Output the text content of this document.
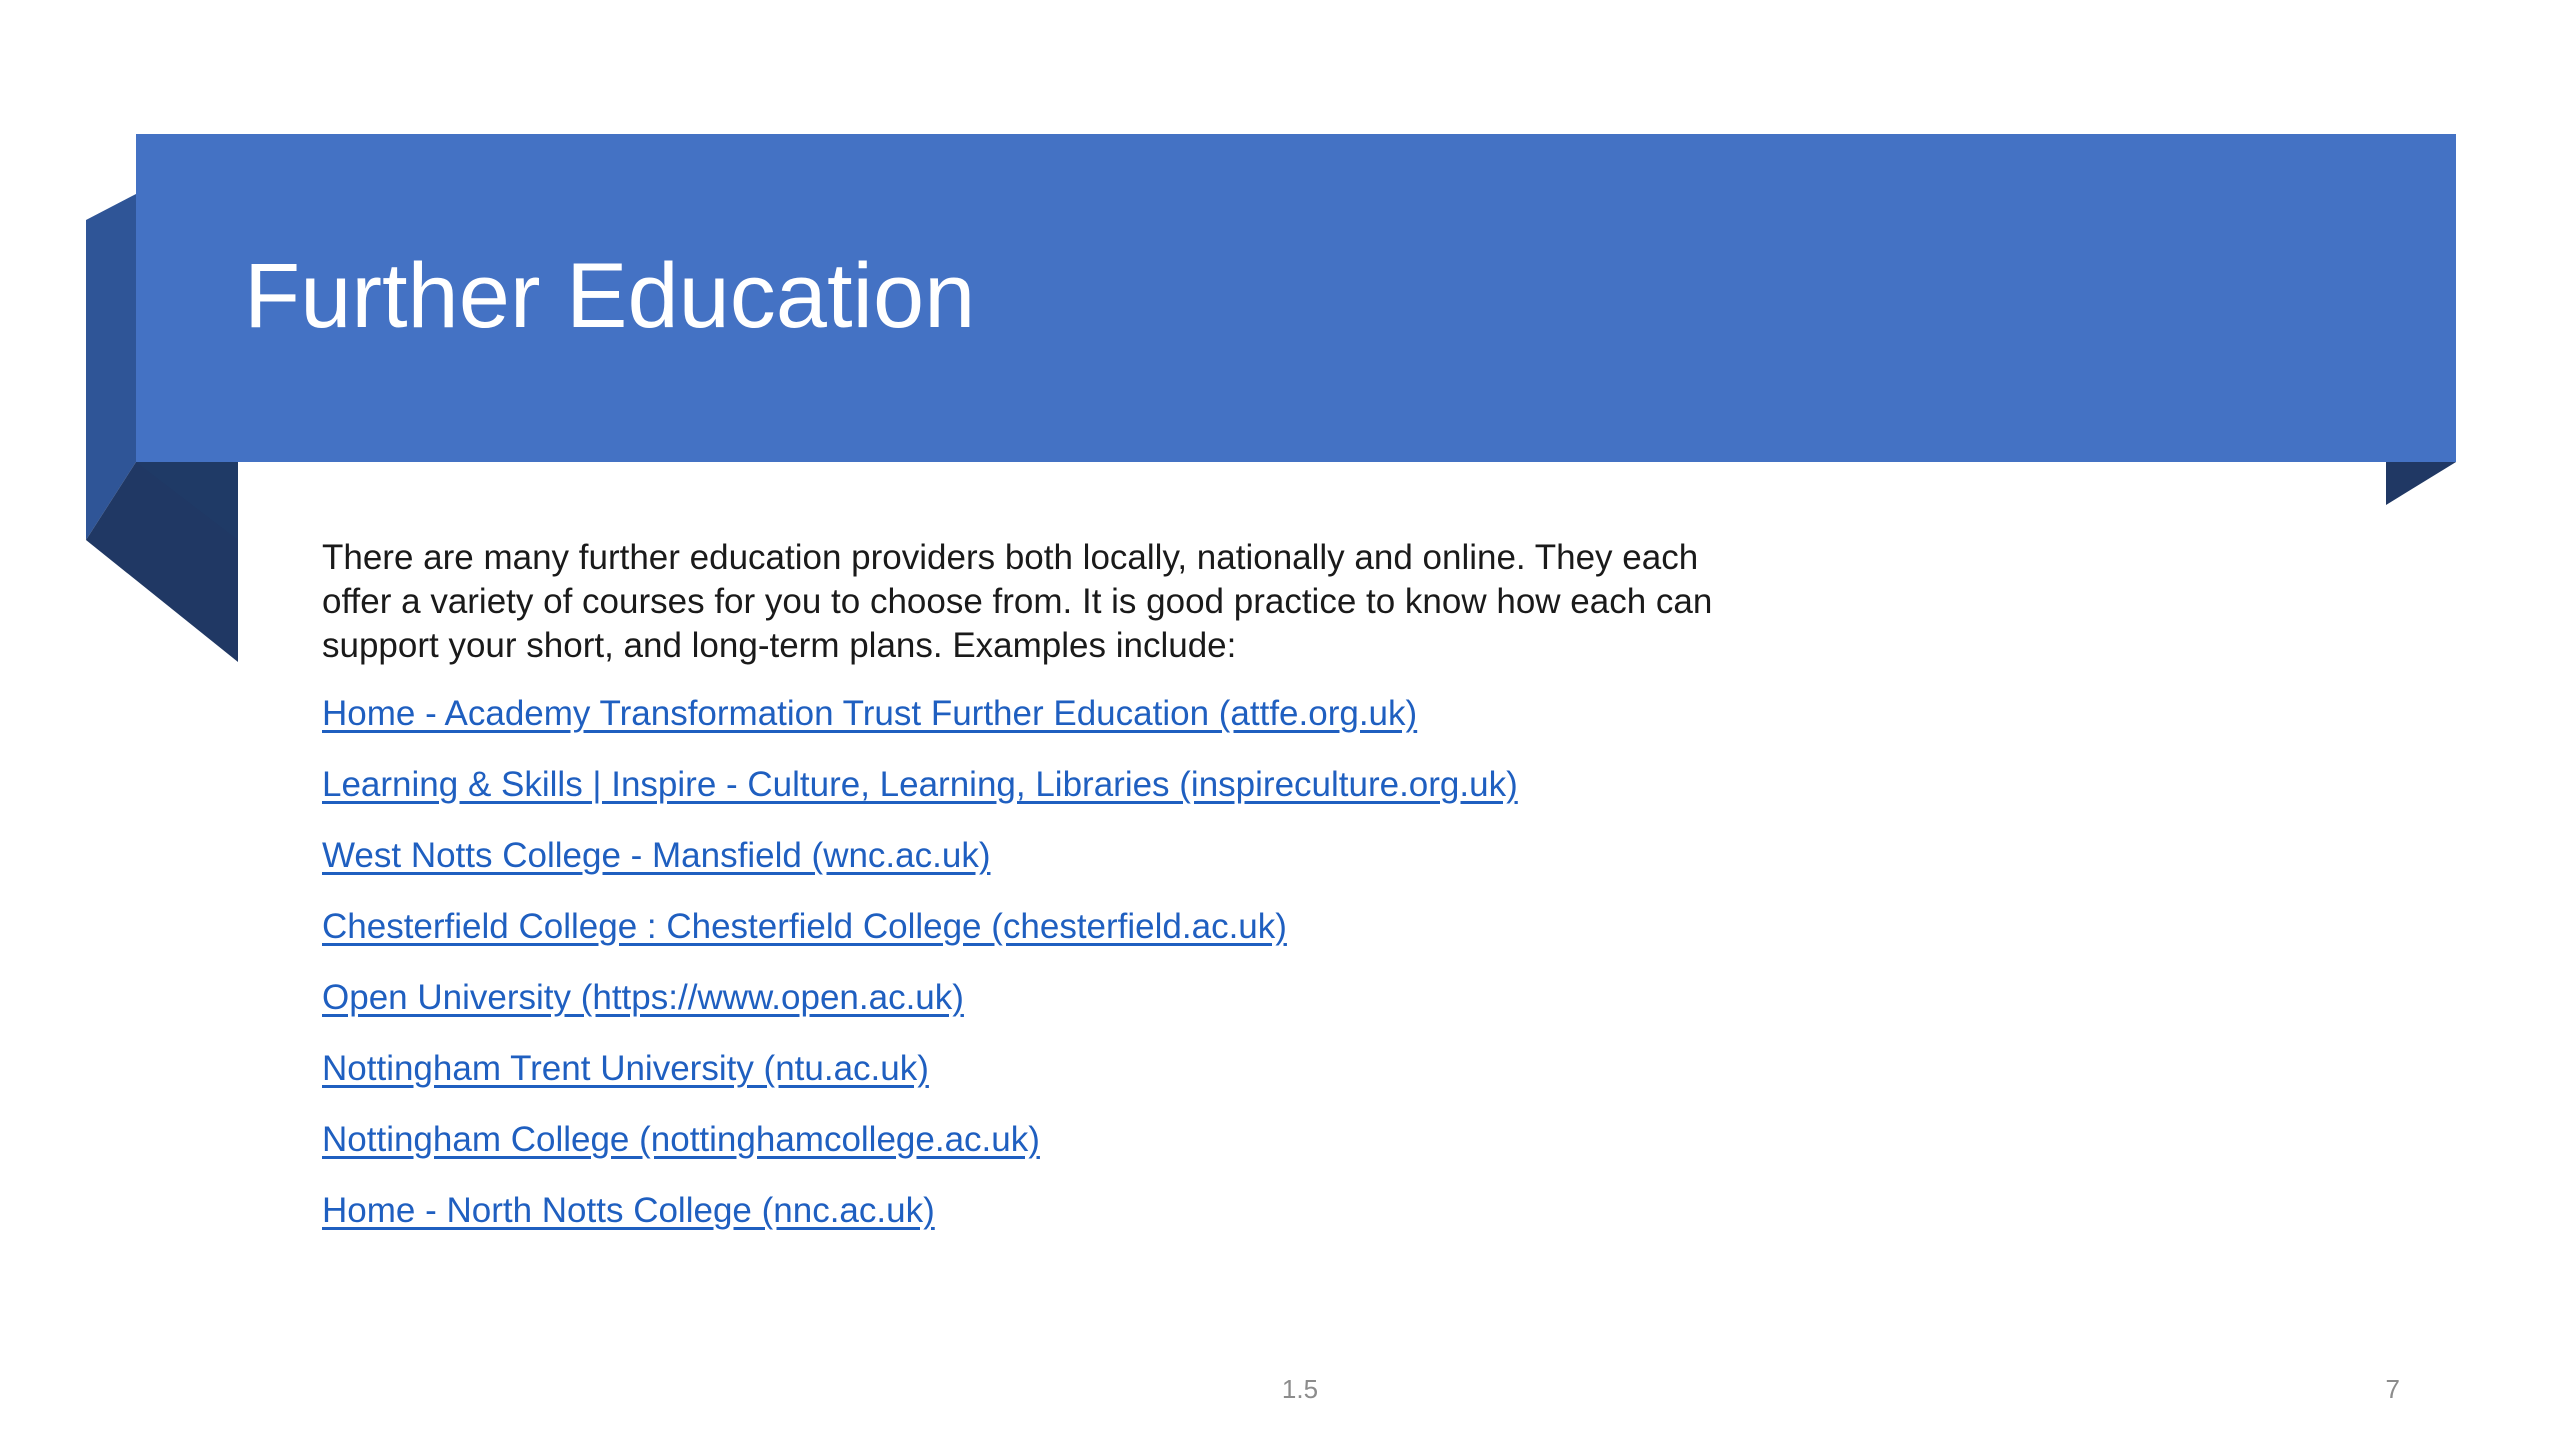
Further Education

There are many further education providers both locally, nationally and online. They each offer a variety of courses for you to choose from. It is good practice to know how each can support your short, and long-term plans. Examples include:

Home - Academy Transformation Trust Further Education (attfe.org.uk)
Learning & Skills | Inspire - Culture, Learning, Libraries (inspireculture.org.uk)
West Notts College - Mansfield (wnc.ac.uk)
Chesterfield College : Chesterfield College (chesterfield.ac.uk)
Open University (https://www.open.ac.uk)
Nottingham Trent University (ntu.ac.uk)
Nottingham College (nottinghamcollege.ac.uk)
Home - North Notts College (nnc.ac.uk)
1.5	7
